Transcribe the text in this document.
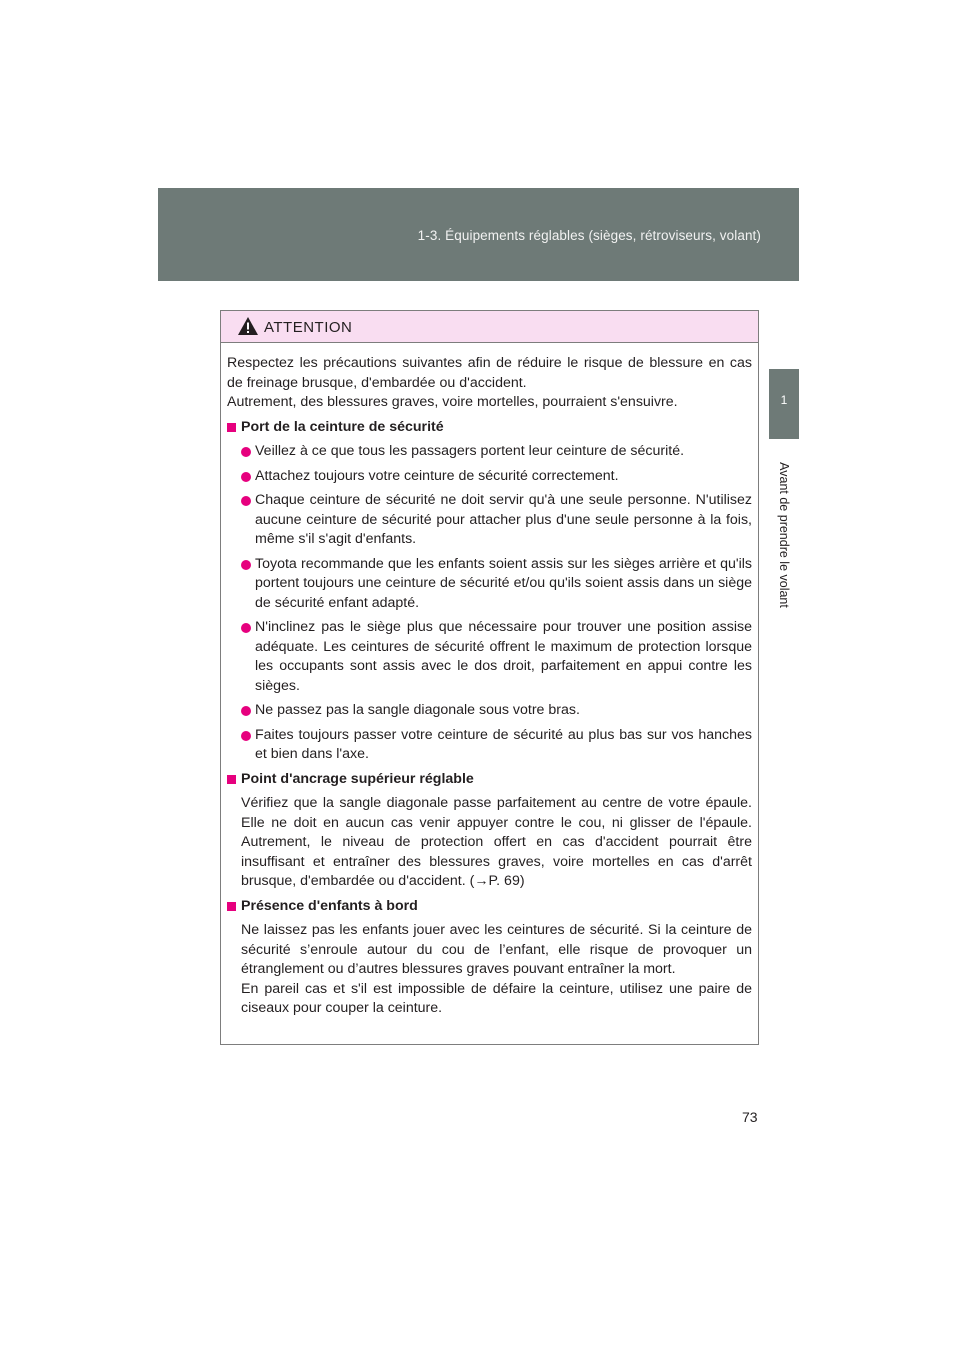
1-3. Équipements réglables (sièges, rétroviseurs, volant)
1
Avant de prendre le volant
ATTENTION

Respectez les précautions suivantes afin de réduire le risque de blessure en cas de freinage brusque, d'embardée ou d'accident.

Autrement, des blessures graves, voire mortelles, pourraient s'ensuivre.

Port de la ceinture de sécurité
Veillez à ce que tous les passagers portent leur ceinture de sécurité.
Attachez toujours votre ceinture de sécurité correctement.
Chaque ceinture de sécurité ne doit servir qu'à une seule personne. N'utilisez aucune ceinture de sécurité pour attacher plus d'une seule personne à la fois, même s'il s'agit d'enfants.
Toyota recommande que les enfants soient assis sur les sièges arrière et qu'ils portent toujours une ceinture de sécurité et/ou qu'ils soient assis dans un siège de sécurité enfant adapté.
N'inclinez pas le siège plus que nécessaire pour trouver une position assise adéquate. Les ceintures de sécurité offrent le maximum de protection lorsque les occupants sont assis avec le dos droit, parfaitement en appui contre les sièges.
Ne passez pas la sangle diagonale sous votre bras.
Faites toujours passer votre ceinture de sécurité au plus bas sur vos hanches et bien dans l'axe.
Point d'ancrage supérieur réglable
Vérifiez que la sangle diagonale passe parfaitement au centre de votre épaule. Elle ne doit en aucun cas venir appuyer contre le cou, ni glisser de l'épaule. Autrement, le niveau de protection offert en cas d'accident pourrait être insuffisant et entraîner des blessures graves, voire mortelles en cas d'arrêt brusque, d'embardée ou d'accident. (→P. 69)
Présence d'enfants à bord
Ne laissez pas les enfants jouer avec les ceintures de sécurité. Si la ceinture de sécurité s’enroule autour du cou de l’enfant, elle risque de provoquer un étranglement ou d’autres blessures graves pouvant entraîner la mort.
En pareil cas et s'il est impossible de défaire la ceinture, utilisez une paire de ciseaux pour couper la ceinture.
73
